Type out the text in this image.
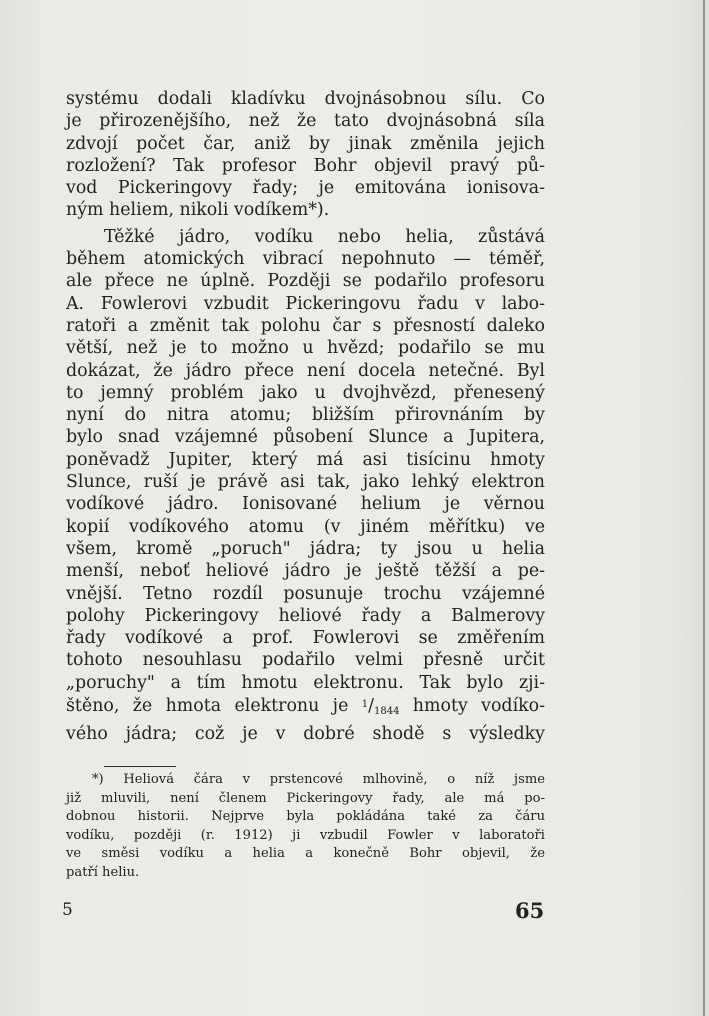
systému dodali kladívku dvojnásobnou sílu. Co
je přirozenějšího, než že tato dvojnásobná síla
zdvojí počet čar, aniž by jinak změnila jejich
rozložení? Tak profesor Bohr objevil pravý pů-
vod Pickeringovy řady; je emitována ionisova-
ným heliem, nikoli vodíkem*).

Těžké jádro, vodíku nebo helia, zůstává
během atomických vibrací nepohnuto — téměř,
ale přece ne úplně. Později se podařilo profesoru
A. Fowlerovi vzbudit Pickeringovu řadu v labo-
ratoři a změnit tak polohu čar s přesností daleko
větší, než je to možno u hvězd; podařilo se mu
dokázat, že jádro přece není docela netečné. Byl
to jemný problém jako u dvojhvězd, přenesený
nyní do nitra atomu; bližším přirovnáním by
bylo snad vzájemné působení Slunce a Jupitera,
poněvadž Jupiter, který má asi tisícinu hmoty
Slunce, ruší je právě asi tak, jako lehký elektron
vodíkové jádro. Ionisované helium je věrnou
kopií vodíkového atomu (v jiném měřítku) ve
všem, kromě „poruch" jádra; ty jsou u helia
menší, neboť heliové jádro je ještě těžší a pe-
vnější. Tetno rozdíl posunuje trochu vzájemné
polohy Pickeringovy heliové řady a Balmerovy
řady vodíkové a prof. Fowlerovi se změřením
tohoto nesouhlasu podařilo velmi přesně určit
„poruchy" a tím hmotu elektronu. Tak bylo zji-
štěno, že hmota elektronu je $^1/_{1844}$ hmoty vodíko-
vého jádra; což je v dobré shodě s výsledky

*) Heliová čára v prstencové mlhovině, o níž jsme
již mluvili, není členem Pickeringovy řady, ale má po-
dobnou historii. Nejprve byla pokládána také za čáru
vodíku, později (r. 1912) ji vzbudil Fowler v laboratoři
ve směsi vodíku a helia a konečně Bohr objevil, že
patří heliu.
5	65
